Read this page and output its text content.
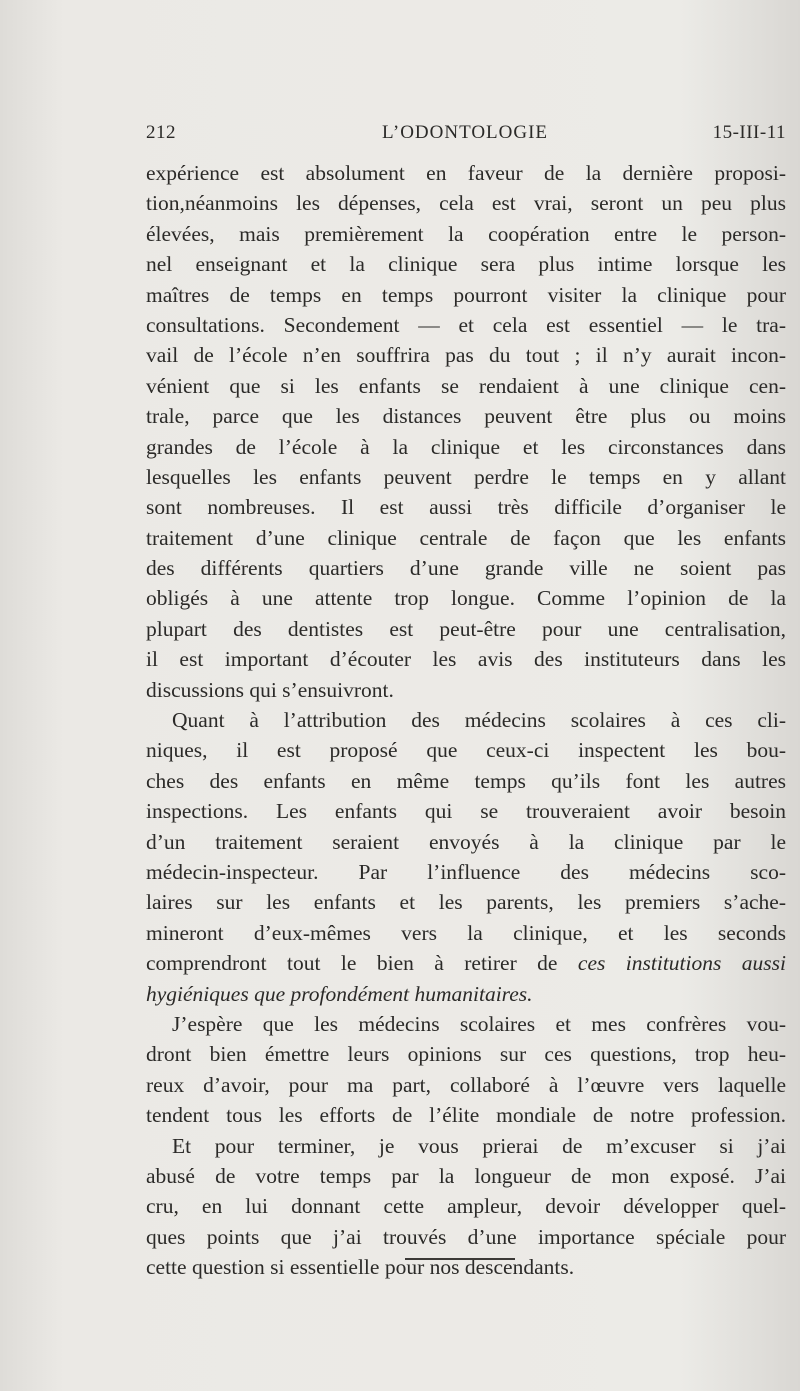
212	L’ODONTOLOGIE	15-III-11
expérience est absolument en faveur de la dernière proposi-
tion,néanmoins les dépenses, cela est vrai, seront un peu plus
élevées, mais premièrement la coopération entre le person-
nel enseignant et la clinique sera plus intime lorsque les
maîtres de temps en temps pourront visiter la clinique pour
consultations. Secondement — et cela est essentiel — le tra-
vail de l’école n’en souffrira pas du tout ; il n’y aurait incon-
vénient que si les enfants se rendaient à une clinique cen-
trale, parce que les distances peuvent être plus ou moins
grandes de l’école à la clinique et les circonstances dans
lesquelles les enfants peuvent perdre le temps en y allant
sont nombreuses. Il est aussi très difficile d’organiser le
traitement d’une clinique centrale de façon que les enfants
des différents quartiers d’une grande ville ne soient pas
obligés à une attente trop longue. Comme l’opinion de la
plupart des dentistes est peut-être pour une centralisation,
il est important d’écouter les avis des instituteurs dans les
discussions qui s’ensuivront.
Quant à l’attribution des médecins scolaires à ces cli-
niques, il est proposé que ceux-ci inspectent les bou-
ches des enfants en même temps qu’ils font les autres
inspections. Les enfants qui se trouveraient avoir besoin
d’un traitement seraient envoyés à la clinique par le
médecin-inspecteur. Par l’influence des médecins sco-
laires sur les enfants et les parents, les premiers s’ache-
mineront d’eux-mêmes vers la clinique, et les seconds
comprendront tout le bien à retirer de ces institutions aussi
hygiéniques que profondément humanitaires.
J’espère que les médecins scolaires et mes confrères vou-
dront bien émettre leurs opinions sur ces questions, trop heu-
reux d’avoir, pour ma part, collaboré à l’œuvre vers laquelle
tendent tous les efforts de l’élite mondiale de notre profession.
Et pour terminer, je vous prierai de m’excuser si j’ai
abusé de votre temps par la longueur de mon exposé. J’ai
cru, en lui donnant cette ampleur, devoir développer quel-
ques points que j’ai trouvés d’une importance spéciale pour
cette question si essentielle pour nos descendants.
